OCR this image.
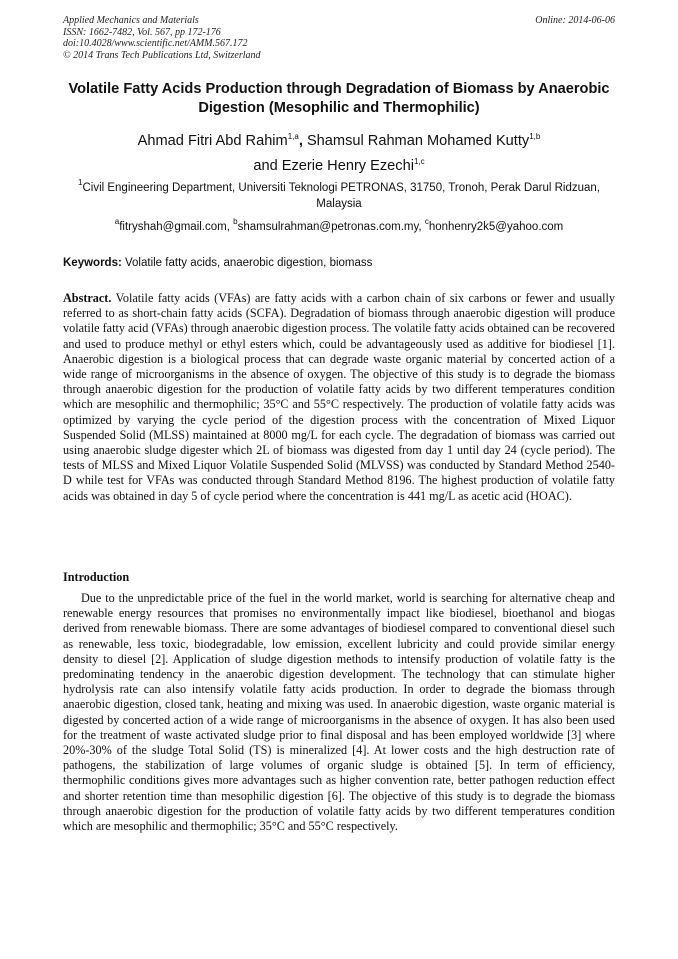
Applied Mechanics and Materials
ISSN: 1662-7482, Vol. 567, pp 172-176
doi:10.4028/www.scientific.net/AMM.567.172
© 2014 Trans Tech Publications Ltd, Switzerland
Online: 2014-06-06
Volatile Fatty Acids Production through Degradation of Biomass by Anaerobic Digestion (Mesophilic and Thermophilic)
Ahmad Fitri Abd Rahim$^{1,a}$, Shamsul Rahman Mohamed Kutty$^{1,b}$
and Ezerie Henry Ezechi$^{1,c}$
$^1$Civil Engineering Department, Universiti Teknologi PETRONAS, 31750, Tronoh, Perak Darul Ridzuan, Malaysia
$^a$fitryshah@gmail.com, $^b$shamsulrahman@petronas.com.my, $^c$honhenry2k5@yahoo.com
Keywords: Volatile fatty acids, anaerobic digestion, biomass

Abstract. Volatile fatty acids (VFAs) are fatty acids with a carbon chain of six carbons or fewer and usually referred to as short-chain fatty acids (SCFA). Degradation of biomass through anaerobic digestion will produce volatile fatty acid (VFAs) through anaerobic digestion process. The volatile fatty acids obtained can be recovered and used to produce methyl or ethyl esters which, could be advantageously used as additive for biodiesel [1]. Anaerobic digestion is a biological process that can degrade waste organic material by concerted action of a wide range of microorganisms in the absence of oxygen. The objective of this study is to degrade the biomass through anaerobic digestion for the production of volatile fatty acids by two different temperatures condition which are mesophilic and thermophilic; 35°C and 55°C respectively. The production of volatile fatty acids was optimized by varying the cycle period of the digestion process with the concentration of Mixed Liquor Suspended Solid (MLSS) maintained at 8000 mg/L for each cycle. The degradation of biomass was carried out using anaerobic sludge digester which 2L of biomass was digested from day 1 until day 24 (cycle period). The tests of MLSS and Mixed Liquor Volatile Suspended Solid (MLVSS) was conducted by Standard Method 2540-D while test for VFAs was conducted through Standard Method 8196. The highest production of volatile fatty acids was obtained in day 5 of cycle period where the concentration is 441 mg/L as acetic acid (HOAC).

Introduction

Due to the unpredictable price of the fuel in the world market, world is searching for alternative cheap and renewable energy resources that promises no environmentally impact like biodiesel, bioethanol and biogas derived from renewable biomass. There are some advantages of biodiesel compared to conventional diesel such as renewable, less toxic, biodegradable, low emission, excellent lubricity and could provide similar energy density to diesel [2]. Application of sludge digestion methods to intensify production of volatile fatty is the predominating tendency in the anaerobic digestion development. The technology that can stimulate higher hydrolysis rate can also intensify volatile fatty acids production. In order to degrade the biomass through anaerobic digestion, closed tank, heating and mixing was used. In anaerobic digestion, waste organic material is digested by concerted action of a wide range of microorganisms in the absence of oxygen. It has also been used for the treatment of waste activated sludge prior to final disposal and has been employed worldwide [3] where 20%-30% of the sludge Total Solid (TS) is mineralized [4]. At lower costs and the high destruction rate of pathogens, the stabilization of large volumes of organic sludge is obtained [5]. In term of efficiency, thermophilic conditions gives more advantages such as higher convention rate, better pathogen reduction effect and shorter retention time than mesophilic digestion [6]. The objective of this study is to degrade the biomass through anaerobic digestion for the production of volatile fatty acids by two different temperatures condition which are mesophilic and thermophilic; 35°C and 55°C respectively.
